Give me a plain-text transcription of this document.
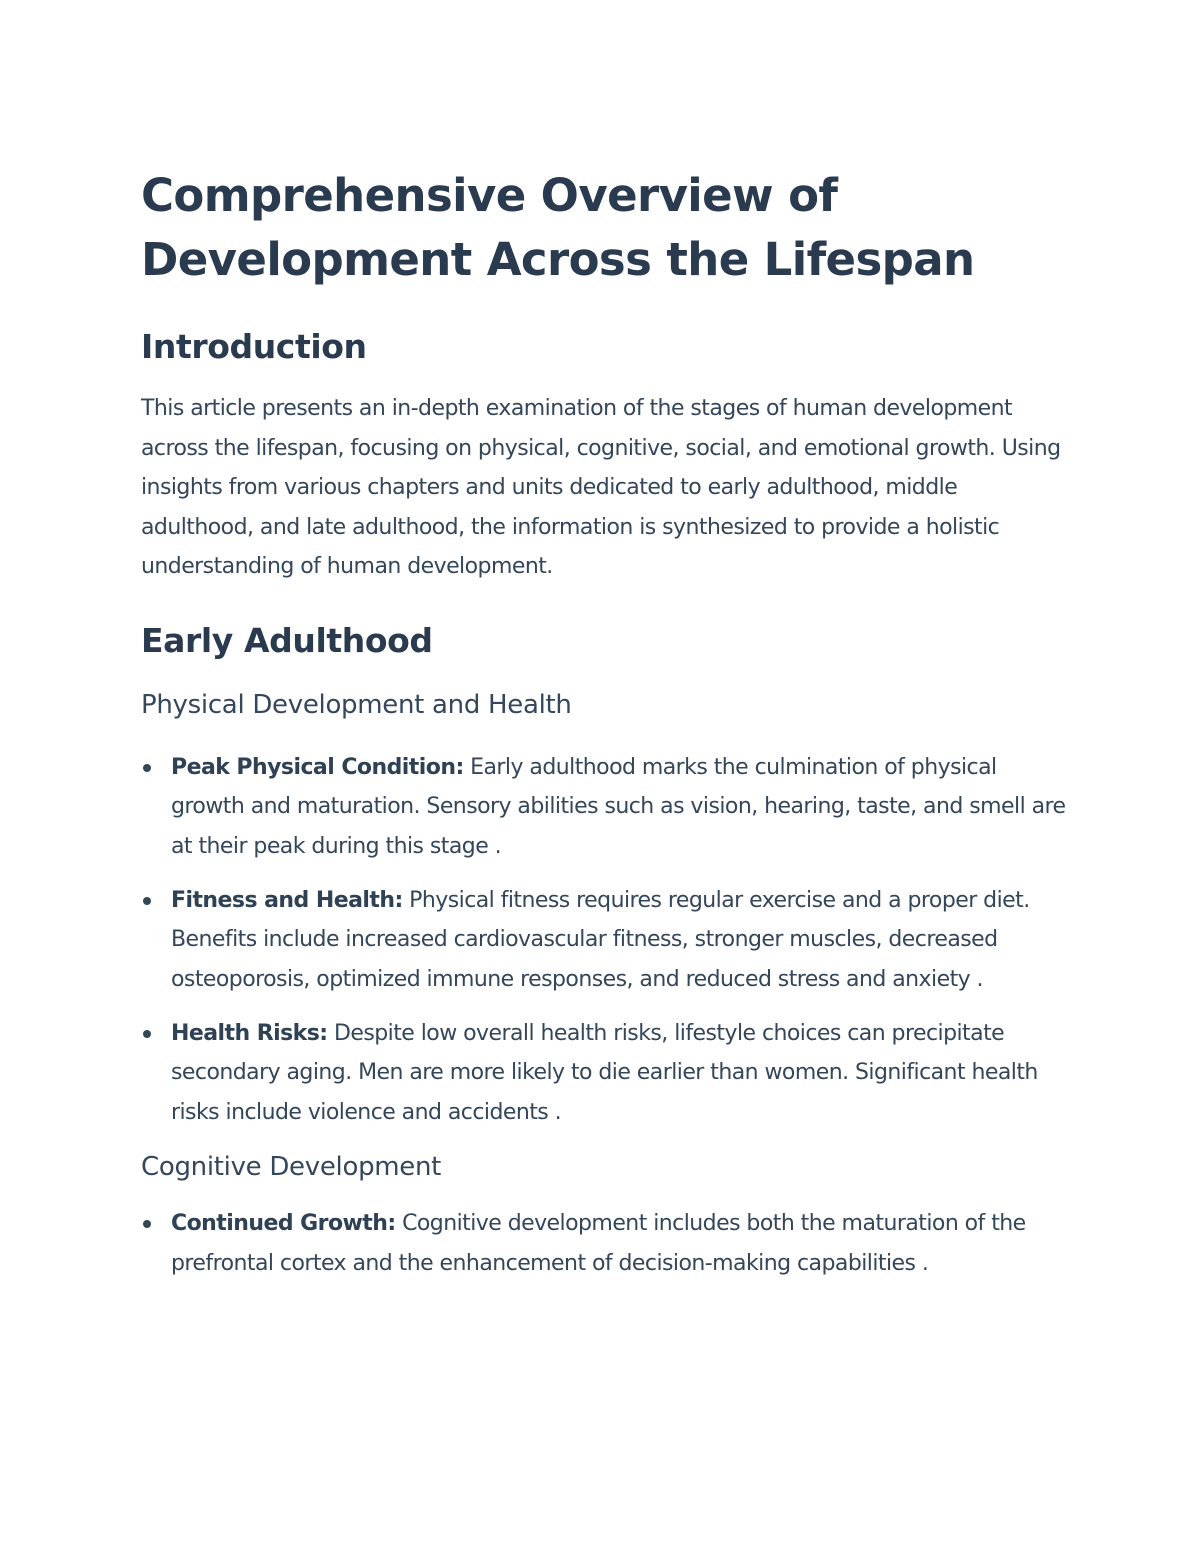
Comprehensive Overview of Development Across the Lifespan
Introduction

This article presents an in-depth examination of the stages of human development across the lifespan, focusing on physical, cognitive, social, and emotional growth. Using insights from various chapters and units dedicated to early adulthood, middle adulthood, and late adulthood, the information is synthesized to provide a holistic understanding of human development.

Early Adulthood
Physical Development and Health
Peak Physical Condition: Early adulthood marks the culmination of physical growth and maturation. Sensory abilities such as vision, hearing, taste, and smell are at their peak during this stage .
Fitness and Health: Physical fitness requires regular exercise and a proper diet. Benefits include increased cardiovascular fitness, stronger muscles, decreased osteoporosis, optimized immune responses, and reduced stress and anxiety .
Health Risks: Despite low overall health risks, lifestyle choices can precipitate secondary aging. Men are more likely to die earlier than women. Significant health risks include violence and accidents .
Cognitive Development
Continued Growth: Cognitive development includes both the maturation of the prefrontal cortex and the enhancement of decision-making capabilities .
